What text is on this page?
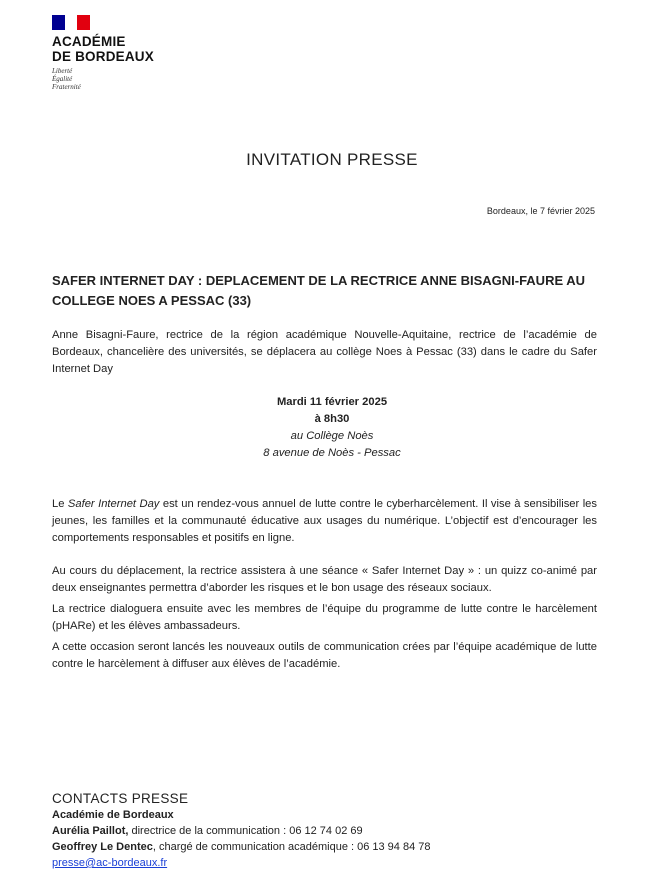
ACADÉMIE
DE BORDEAUX
Liberté
Égalité
Fraternité
INVITATION PRESSE
Bordeaux, le 7 février 2025
SAFER INTERNET DAY : DEPLACEMENT DE LA RECTRICE ANNE BISAGNI-FAURE AU COLLEGE NOES A PESSAC (33)
Anne Bisagni-Faure, rectrice de la région académique Nouvelle-Aquitaine, rectrice de l’académie de Bordeaux, chancelière des universités, se déplacera au collège Noes à Pessac (33) dans le cadre du Safer Internet Day
Mardi 11 février 2025
à 8h30
au Collège Noès
8 avenue de Noès - Pessac
Le Safer Internet Day est un rendez-vous annuel de lutte contre le cyberharcèlement. Il vise à sensibiliser les jeunes, les familles et la communauté éducative aux usages du numérique. L’objectif est d’encourager les comportements responsables et positifs en ligne.
Au cours du déplacement, la rectrice assistera à une séance « Safer Internet Day » : un quizz co-animé par deux enseignantes permettra d’aborder les risques et le bon usage des réseaux sociaux.
La rectrice dialoguera ensuite avec les membres de l’équipe du programme de lutte contre le harcèlement (pHARe) et les élèves ambassadeurs.
A cette occasion seront lancés les nouveaux outils de communication crées par l’équipe académique de lutte contre le harcèlement à diffuser aux élèves de l’académie.
CONTACTS PRESSE
Académie de Bordeaux
Aurélia Paillot, directrice de la communication : 06 12 74 02 69
Geoffrey Le Dentec, chargé de communication académique : 06 13 94 84 78
presse@ac-bordeaux.fr
